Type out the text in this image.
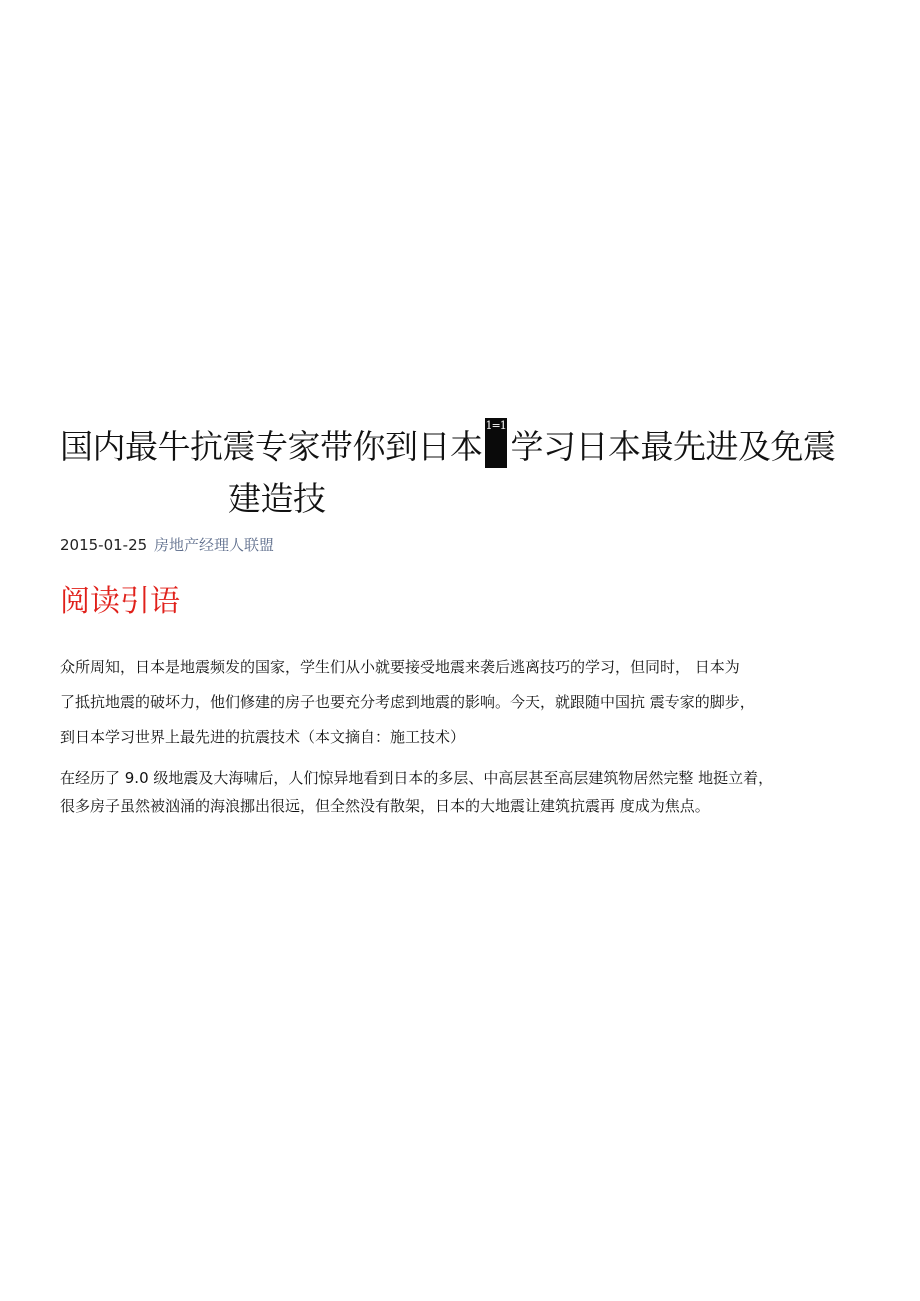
国内最牛抗震专家带你到日本
1=1
学习日本最先进及免震
建造技
2015-01-25 房地产经理人联盟
阅读引语

众所周知，日本是地震频发的国家，学生们从小就要接受地震来袭后逃离技巧的学习，但同时， 日本为
了抵抗地震的破坏力，他们修建的房子也要充分考虑到地震的影响。今天，就跟随中国抗 震专家的脚步，
到日本学习世界上最先进的抗震技术（本文摘自：施工技术）

在经历了 9.0 级地震及大海啸后，人们惊异地看到日本的多层、中高层甚至高层建筑物居然完整 地挺立着，
很多房子虽然被汹涌的海浪挪出很远，但全然没有散架，日本的大地震让建筑抗震再 度成为焦点。
